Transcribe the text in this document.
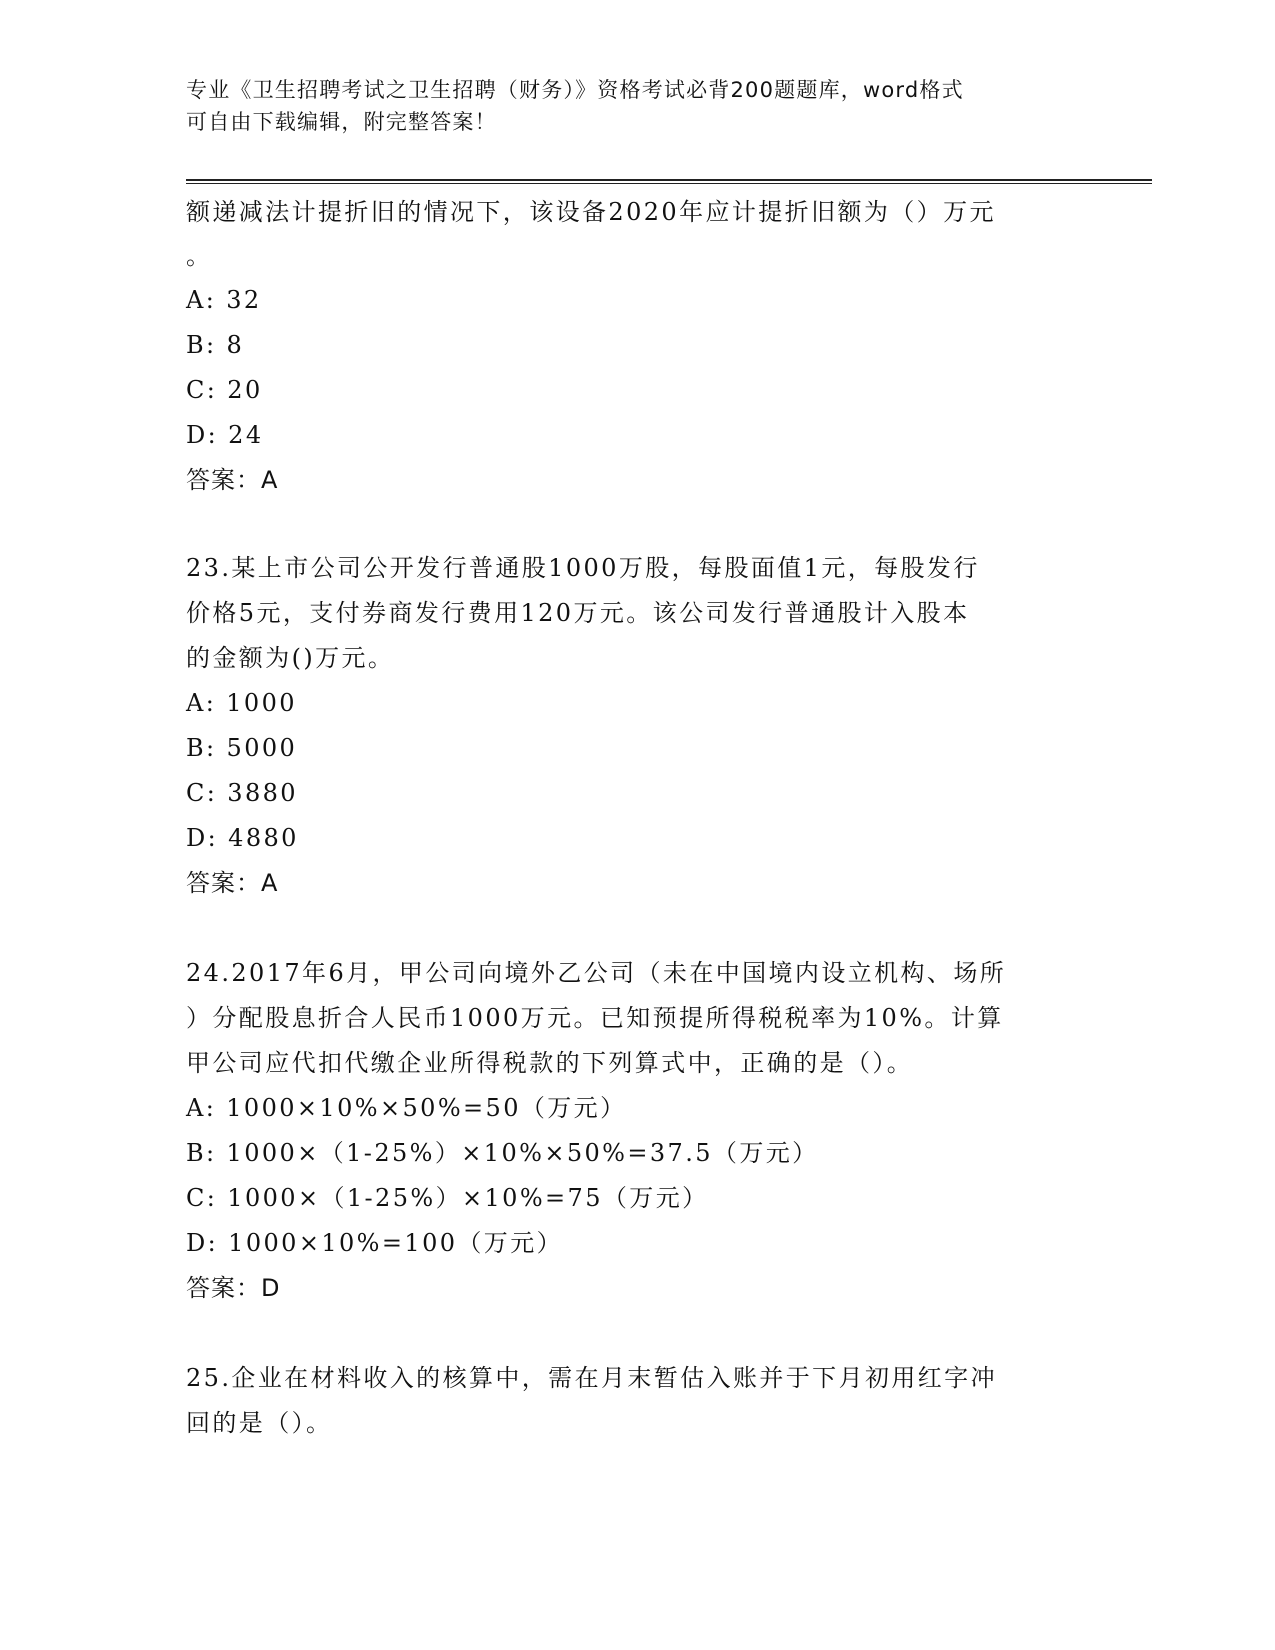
专业《卫生招聘考试之卫生招聘（财务）》资格考试必背200题题库，word格式
可自由下载编辑，附完整答案！
额递减法计提折旧的情况下，该设备2020年应计提折旧额为（）万元
。
A: 32
B: 8
C: 20
D: 24
答案：A
23.某上市公司公开发行普通股1000万股，每股面值1元，每股发行
价格5元，支付券商发行费用120万元。该公司发行普通股计入股本
的金额为()万元。
A: 1000
B: 5000
C: 3880
D: 4880
答案：A
24.2017年6月，甲公司向境外乙公司（未在中国境内设立机构、场所
）分配股息折合人民币1000万元。已知预提所得税税率为10%。计算
甲公司应代扣代缴企业所得税款的下列算式中，正确的是（）。
A: 1000×10%×50%=50（万元）
B: 1000×（1-25%）×10%×50%=37.5（万元）
C: 1000×（1-25%）×10%=75（万元）
D: 1000×10%=100（万元）
答案：D
25.企业在材料收入的核算中，需在月末暂估入账并于下月初用红字冲
回的是（）。
